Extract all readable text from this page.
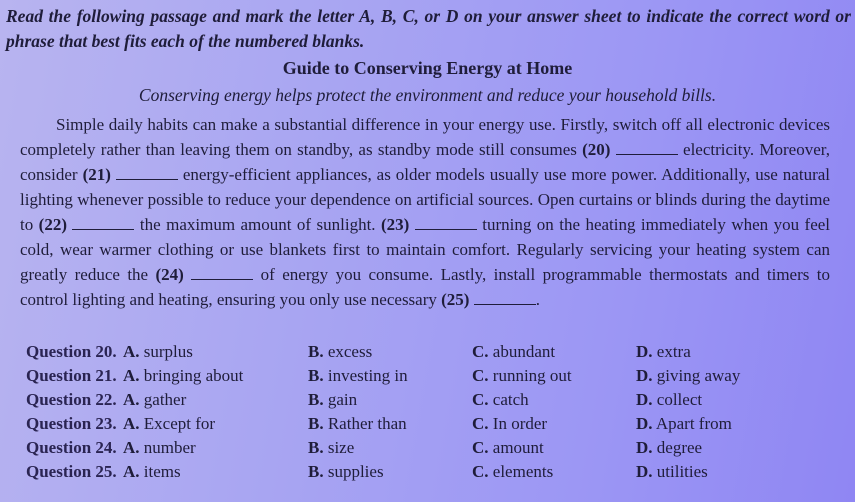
Read the following passage and mark the letter A, B, C, or D on your answer sheet to indicate the correct word or phrase that best fits each of the numbered blanks.
Guide to Conserving Energy at Home
Conserving energy helps protect the environment and reduce your household bills.

Simple daily habits can make a substantial difference in your energy use. Firstly, switch off all electronic devices completely rather than leaving them on standby, as standby mode still consumes (20)	electricity. Moreover, consider (21)	energy-efficient appliances, as older models usually use more power. Additionally, use natural lighting whenever possible to reduce your dependence on artificial sources. Open curtains or blinds during the daytime to (22)	the maximum amount of sunlight. (23)	turning on the heating immediately when you feel cold, wear warmer clothing or use blankets first to maintain comfort. Regularly servicing your heating system can greatly reduce the (24)	of energy you consume. Lastly, install programmable thermostats and timers to control lighting and heating, ensuring you only use necessary (25)	.

Question 20. A. surplus	B. excess	C. abundant	D. extra
Question 21. A. bringing about	B. investing in	C. running out	D. giving away
Question 22. A. gather	B. gain	C. catch	D. collect
Question 23. A. Except for	B. Rather than	C. In order	D. Apart from
Question 24. A. number	B. size	C. amount	D. degree
Question 25. A. items	B. supplies	C. elements	D. utilities
